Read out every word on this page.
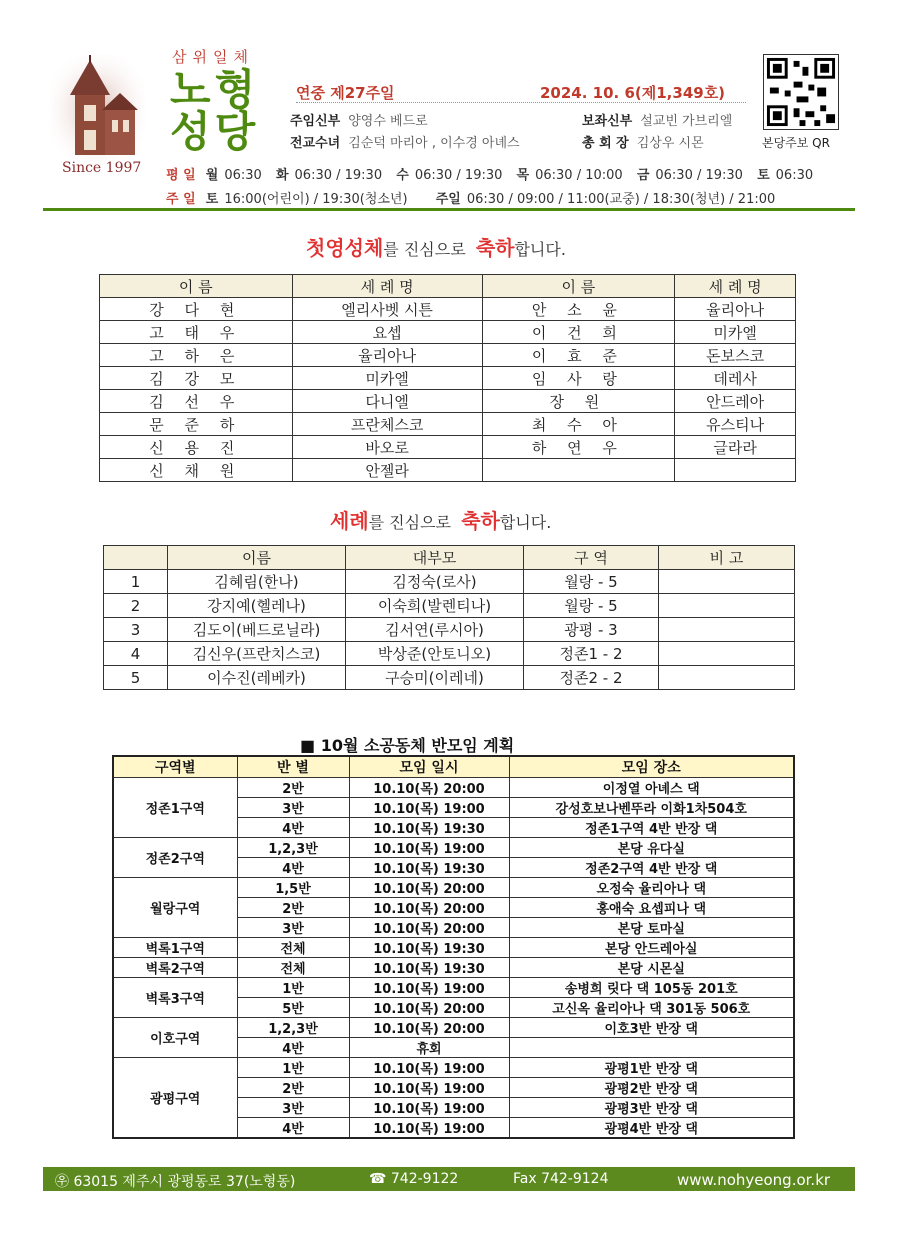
Since 1997
삼위일체
노형
성당
연중 제27주일	2024. 10. 6(제1,349호)
주임신부 양영수 베드로	보좌신부 설교빈 가브리엘
전교수녀 김순덕 마리아 , 이수경 아녜스	총 회 장 김상우 시몬	본당주보 QR
평 일 월 06:30 화 06:30 / 19:30 수 06:30 / 19:30 목 06:30 / 10:00 금 06:30 / 19:30 토 06:30
주 일 토 16:00(어린이) / 19:30(청소년) 주일 06:30 / 09:00 / 11:00(교중) / 18:30(청년) / 21:00
첫영성체를 진심으로 축하합니다.
이 름	세 례 명	이 름	세 례 명
강 다 현	엘리사벳 시튼	안 소 윤	율리아나
고 태 우	요셉	이 건 희	미카엘
고 하 은	율리아나	이 효 준	돈보스코
김 강 모	미카엘	임 사 랑	데레사
김 선 우	다니엘	장 원	안드레아
문 준 하	프란체스코	최 수 아	유스티나
신 용 진	바오로	하 연 우	글라라
신 채 원	안젤라		
세례를 진심으로 축하합니다.
	이름	대부모	구 역	비 고
1	김혜림(한나)	김정숙(로사)	월랑 - 5	
2	강지예(헬레나)	이숙희(발렌티나)	월랑 - 5	
3	김도이(베드로닐라)	김서연(루시아)	광평 - 3	
4	김신우(프란치스코)	박상준(안토니오)	정존1 - 2	
5	이수진(레베카)	구승미(이레네)	정존2 - 2	
■ 10월 소공동체 반모임 계획
구역별	반 별	모임 일시	모임 장소
정존1구역	2반	10.10(목) 20:00	이정열 아녜스 댁
	3반	10.10(목) 19:00	강성호보나벤뚜라 이화1차504호
	4반	10.10(목) 19:30	정존1구역 4반 반장 댁
정존2구역	1,2,3반	10.10(목) 19:00	본당 유다실
	4반	10.10(목) 19:30	정존2구역 4반 반장 댁
월랑구역	1,5반	10.10(목) 20:00	오정숙 율리아나 댁
	2반	10.10(목) 20:00	홍애숙 요셉피나 댁
	3반	10.10(목) 20:00	본당 토마실
벽록1구역	전체	10.10(목) 19:30	본당 안드레아실
벽록2구역	전체	10.10(목) 19:30	본당 시몬실
벽록3구역	1반	10.10(목) 19:00	송병희 릿다 댁 105동 201호
	5반	10.10(목) 20:00	고신옥 율리아나 댁 301동 506호
이호구역	1,2,3반	10.10(목) 20:00	이호3반 반장 댁
	4반	휴회	
광평구역	1반	10.10(목) 19:00	광평1반 반장 댁
	2반	10.10(목) 19:00	광평2반 반장 댁
	3반	10.10(목) 19:00	광평3반 반장 댁
	4반	10.10(목) 19:00	광평4반 반장 댁
㉾ 63015 제주시 광평동로 37(노형동)	☎ 742-9122	Fax 742-9124	www.nohyeong.or.kr
